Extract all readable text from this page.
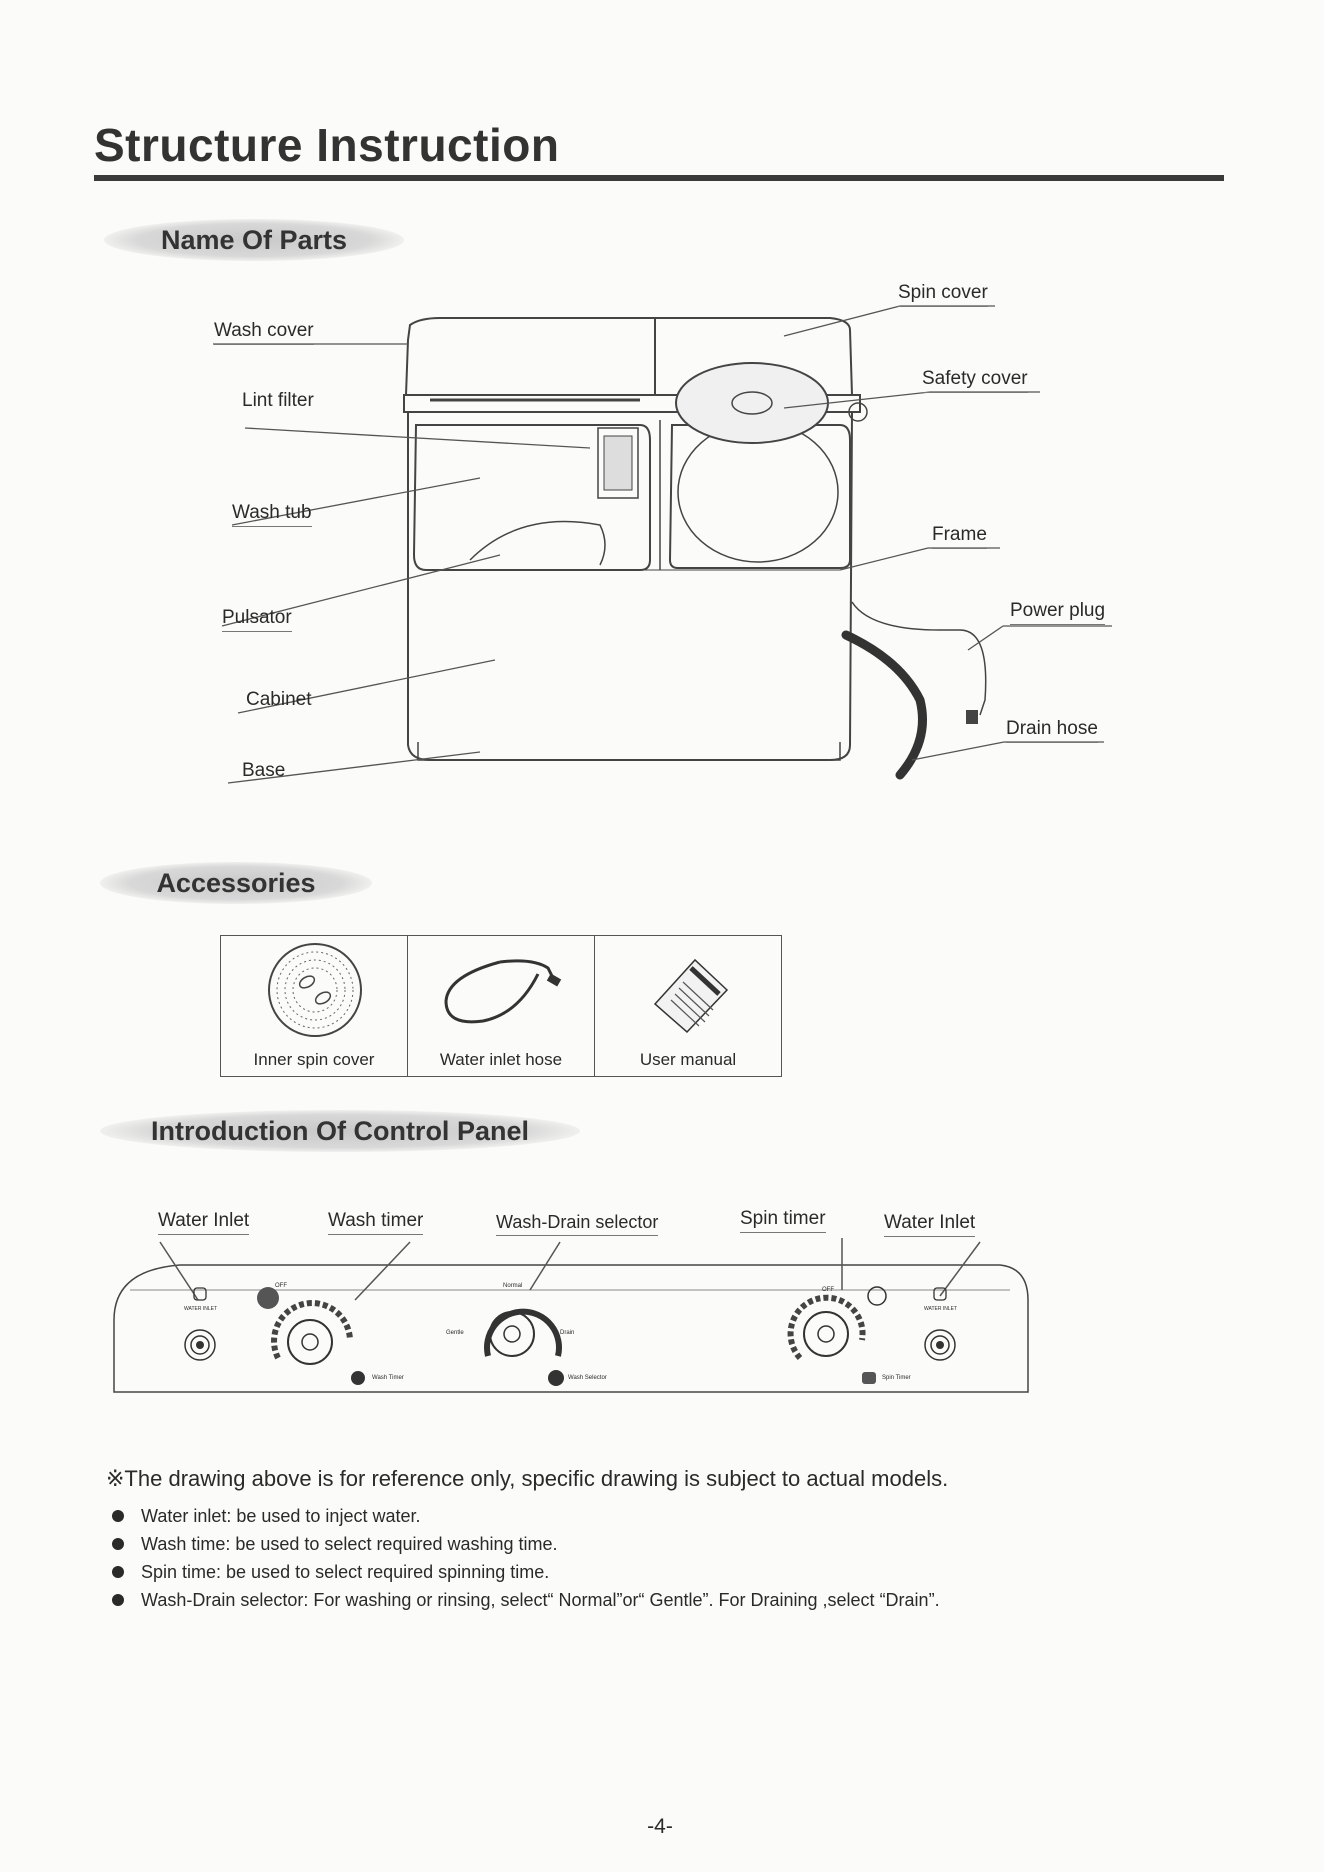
Structure Instruction
Name Of Parts
Wash cover
Lint filter
Wash tub
Pulsator
Cabinet
Base
Spin cover
Safety cover
Frame
Power plug
Drain hose
Accessories
Inner spin cover	Water inlet hose	User manual
Introduction Of Control Panel
Water Inlet	Wash timer	Wash-Drain selector	Spin timer	Water Inlet
OFF	Normal
Gentle	Drain
OFF
Wash Timer	Wash Selector	Spin Timer
WATER INLET	WATER INLET
※The drawing above is for reference only, specific drawing is subject to actual models.
Water inlet: be used to inject water.
Wash time: be used to select required washing time.
Spin time: be used to select required spinning time.
Wash-Drain selector: For washing or rinsing, select“ Normal”or“ Gentle”. For Draining ,select “Drain”.
-4-
